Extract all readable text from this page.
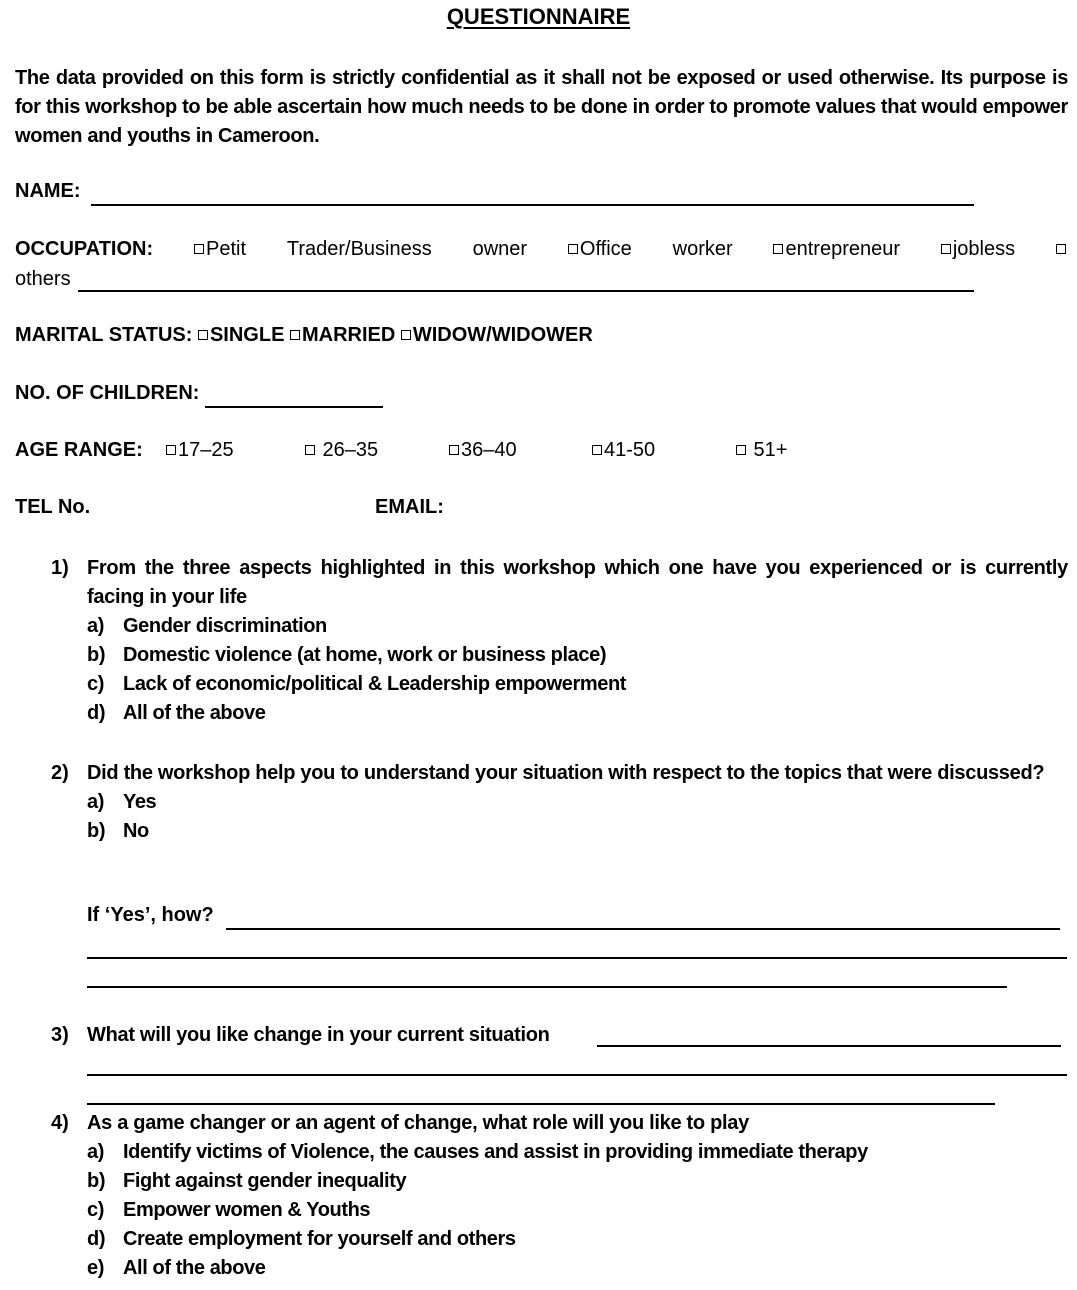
QUESTIONNAIRE
The data provided on this form is strictly confidential as it shall not be exposed or used otherwise. Its purpose is for this workshop to be able ascertain how much needs to be done in order to promote values that would empower women and youths in Cameroon.
NAME:
OCCUPATION:	Petit Trader/Business owner	Office worker	entrepreneur	jobless
others
MARITAL STATUS: SINGLE MARRIED WIDOW/WIDOWER
NO. OF CHILDREN:
AGE RANGE:	17–25	26–35	36–40	41-50	51+
TEL No.	EMAIL:
1) From the three aspects highlighted in this workshop which one have you experienced or is currently facing in your life
a) Gender discrimination
b) Domestic violence (at home, work or business place)
c) Lack of economic/political & Leadership empowerment
d) All of the above
2) Did the workshop help you to understand your situation with respect to the topics that were discussed?
a) Yes
b) No
If ‘Yes’, how?
3) What will you like change in your current situation
4) As a game changer or an agent of change, what role will you like to play
a) Identify victims of Violence, the causes and assist in providing immediate therapy
b) Fight against gender inequality
c) Empower women & Youths
d) Create employment for yourself and others
e) All of the above
